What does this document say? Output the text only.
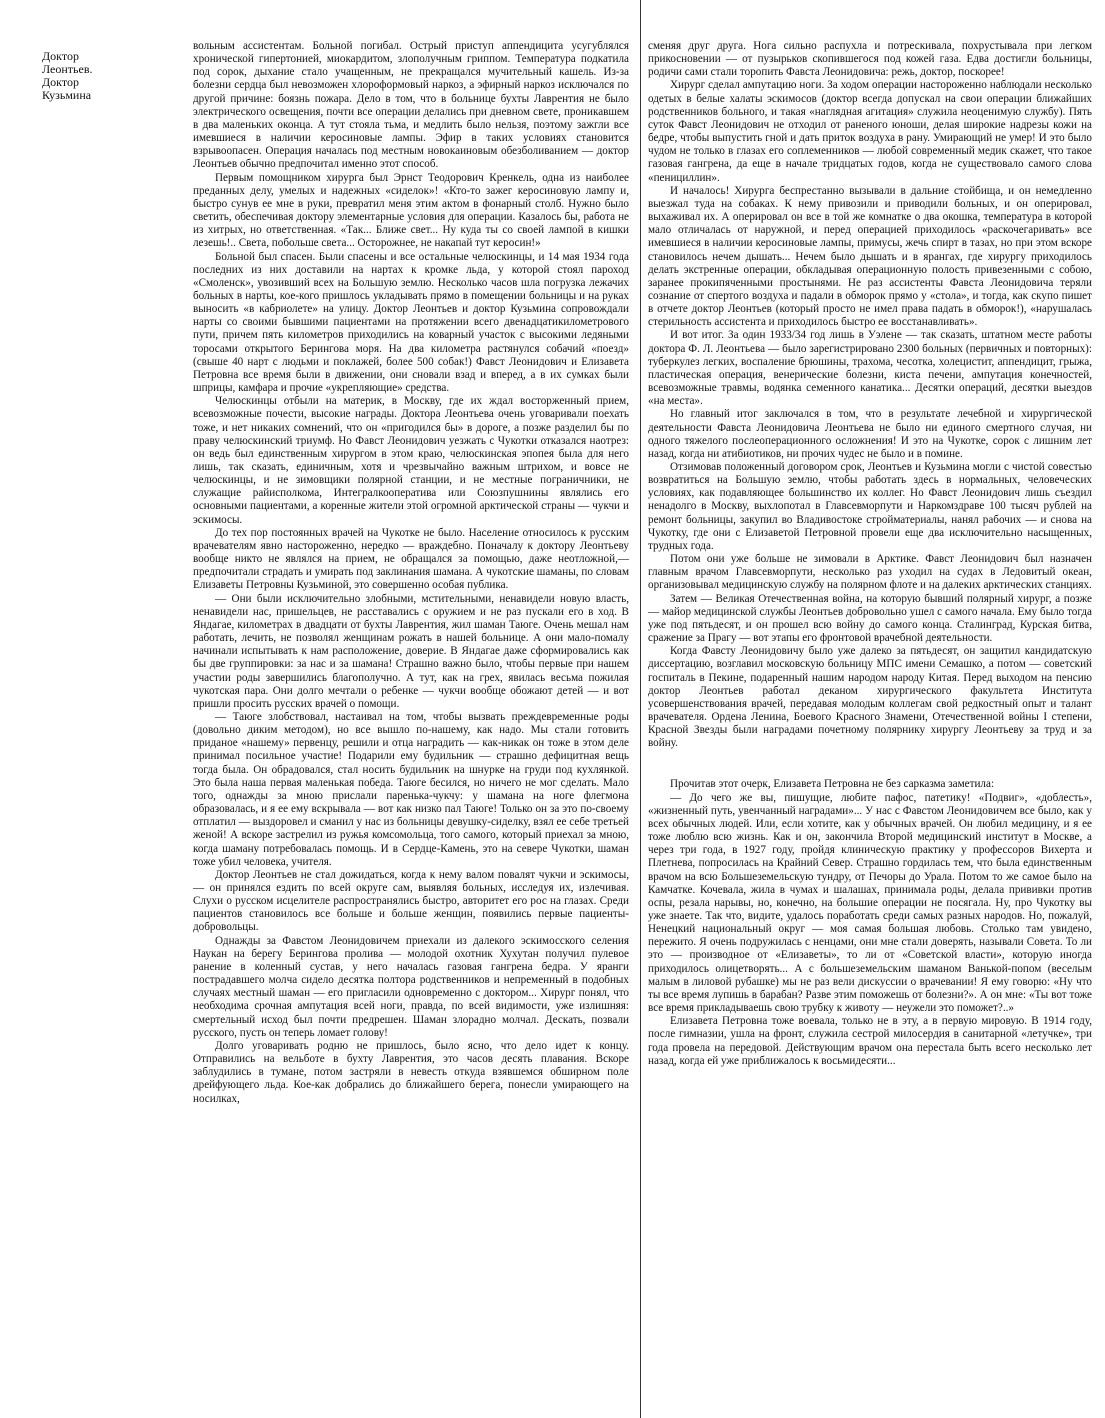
Доктор
Леонтьев.
Доктор
Кузьмина

вольным ассистентам. Больной погибал. Острый приступ аппендицита усугублялся хронической гипертонией, миокардитом, злополучным гриппом. Температура подкатила под сорок, дыхание стало учащенным, не прекращался мучительный кашель. Из-за болезни сердца был невозможен хлороформовый наркоз, а эфирный наркоз исключался по другой причине: боязнь пожара. Дело в том, что в больнице бухты Лаврентия не было электрического освещения, почти все операции делались при дневном свете, проникавшем в два маленьких оконца. А тут стояла тьма, и медлить было нельзя, поэтому зажгли все имевшиеся в наличии керосиновые лампы. Эфир в таких условиях становится взрывоопасен. Операция началась под местным новокаиновым обезболиванием — доктор Леонтьев обычно предпочитал именно этот способ.

Первым помощником хирурга был Эрнст Теодорович Кренкель, одна из наиболее преданных делу, умелых и надежных «сиделок»! «Кто-то зажег керосиновую лампу и, быстро сунув ее мне в руки, превратил меня этим актом в фонарный столб. Нужно было светить, обеспечивая доктору элементарные условия для операции. Казалось бы, работа не из хитрых, но ответственная. «Так... Ближе свет... Ну куда ты со своей лампой в кишки лезешь!.. Света, побольше света... Осторожнее, не накапай тут керосин!»

Больной был спасен. Были спасены и все остальные челюскинцы, и 14 мая 1934 года последних из них доставили на нартах к кромке льда, у которой стоял пароход «Смоленск», увозивший всех на Большую землю. Несколько часов шла погрузка лежачих больных в нарты, кое-кого пришлось укладывать прямо в помещении больницы и на руках выносить «в кабриолете» на улицу. Доктор Леонтьев и доктор Кузьмина сопровождали нарты со своими бывшими пациентами на протяжении всего двенадцатикилометрового пути, причем пять километров приходились на коварный участок с высокими ледяными торосами открытого Берингова моря. На два километра растянулся собачий «поезд» (свыше 40 нарт с людьми и поклажей, более 500 собак!) Фавст Леонидович и Елизавета Петровна все время были в движении, они сновали взад и вперед, а в их сумках были шприцы, камфара и прочие «укрепляющие» средства.

Челюскинцы отбыли на материк, в Москву, где их ждал восторженный прием, всевозможные почести, высокие награды. Доктора Леонтьева очень уговаривали поехать тоже, и нет никаких сомнений, что он «пригодился бы» в дороге, а позже разделил бы по праву челюскинский триумф. Но Фавст Леонидович уезжать с Чукотки отказался наотрез: он ведь был единственным хирургом в этом краю, челюскинская эпопея была для него лишь, так сказать, единичным, хотя и чрезвычайно важным штрихом, и вовсе не челюскинцы, и не зимовщики полярной станции, и не местные пограничники, не служащие райисполкома, Интегралкооператива или Союзпушнины являлись его основными пациентами, а коренные жители этой огромной арктической страны — чукчи и эскимосы.

До тех пор постоянных врачей на Чукотке не было. Население относилось к русским врачевателям явно настороженно, нередко — враждебно. Поначалу к доктору Леонтьеву вообще никто не являлся на прием, не обращался за помощью, даже неотложной,— предпочитали страдать и умирать под заклинания шамана. А чукотские шаманы, по словам Елизаветы Петровны Кузьминой, это совершенно особая публика.

— Они были исключительно злобными, мстительными, ненавидели новую власть, ненавидели нас, пришельцев, не расставались с оружием и не раз пускали его в ход. В Яндагае, километрах в двадцати от бухты Лаврентия, жил шаман Таюге. Очень мешал нам работать, лечить, не позволял женщинам рожать в нашей больнице. А они мало-помалу начинали испытывать к нам расположение, доверие. В Яндагае даже сформировались как бы две группировки: за нас и за шамана! Страшно важно было, чтобы первые при нашем участии роды завершились благополучно. А тут, как на грех, явилась весьма пожилая чукотская пара. Они долго мечтали о ребенке — чукчи вообще обожают детей — и вот пришли просить русских врачей о помощи.

— Таюге злобствовал, настаивал на том, чтобы вызвать преждевременные роды (довольно диким методом), но все вышло по-нашему, как надо. Мы стали готовить приданое «нашему» первенцу, решили и отца наградить — как-никак он тоже в этом деле принимал посильное участие! Подарили ему будильник — страшно дефицитная вещь тогда была. Он обрадовался, стал носить будильник на шнурке на груди под кухлянкой. Это была наша первая маленькая победа. Таюге бесился, но ничего не мог сделать. Мало того, однажды за мною прислали паренька-чукчу: у шамана на ноге флегмона образовалась, и я ее ему вскрывала — вот как низко пал Таюге! Только он за это по-своему отплатил — выздоровел и сманил у нас из больницы девушку-сиделку, взял ее себе третьей женой! А вскоре застрелил из ружья комсомольца, того самого, который приехал за мною, когда шаману потребовалась помощь. И в Сердце-Камень, это на севере Чукотки, шаман тоже убил человека, учителя.

Доктор Леонтьев не стал дожидаться, когда к нему валом повалят чукчи и эскимосы,— он принялся ездить по всей округе сам, выявляя больных, исследуя их, излечивая. Слухи о русском исцелителе распространялись быстро, авторитет его рос на глазах. Среди пациентов становилось все больше и больше женщин, появились первые пациенты-добровольцы.

Однажды за Фавстом Леонидовичем приехали из далекого эскимосского селения Наукан на берегу Берингова пролива — молодой охотник Хухутан получил пулевое ранение в коленный сустав, у него началась газовая гангрена бедра. У яранги пострадавшего молча сидело десятка полтора родственников и непременный в подобных случаях местный шаман — его пригласили одновременно с доктором... Хирург понял, что необходима срочная ампутация всей ноги, правда, по всей видимости, уже излишняя: смертельный исход был почти предрешен. Шаман злорадно молчал. Дескать, позвали русского, пусть он теперь ломает голову!

Долго уговаривать родню не пришлось, было ясно, что дело идет к концу. Отправились на вельботе в бухту Лаврентия, это часов десять плавания. Вскоре заблудились в тумане, потом застряли в невесть откуда взявшемся обширном поле дрейфующего льда. Кое-как добрались до ближайшего берега, понесли умирающего на носилках,

сменяя друг друга. Нога сильно распухла и потрескивала, похрустывала при легком прикосновении — от пузырьков скопившегося под кожей газа. Едва достигли больницы, родичи сами стали торопить Фавста Леонидовича: режь, доктор, поскорее!

Хирург сделал ампутацию ноги. За ходом операции настороженно наблюдали несколько одетых в белые халаты эскимосов (доктор всегда допускал на свои операции ближайших родственников больного, и такая «наглядная агитация» служила неоценимую службу). Пять суток Фавст Леонидович не отходил от раненого юноши, делая широкие надрезы кожи на бедре, чтобы выпустить гной и дать приток воздуха в рану. Умирающий не умер! И это было чудом не только в глазах его соплеменников — любой современный медик скажет, что такое газовая гангрена, да еще в начале тридцатых годов, когда не существовало самого слова «пенициллин».

И началось! Хирурга беспрестанно вызывали в дальние стойбища, и он немедленно выезжал туда на собаках. К нему привозили и приводили больных, и он оперировал, выхаживал их. А оперировал он все в той же комнатке о два окошка, температура в которой мало отличалась от наружной, и перед операцией приходилось «раскочегаривать» все имевшиеся в наличии керосиновые лампы, примусы, жечь спирт в тазах, но при этом вскоре становилось нечем дышать... Нечем было дышать и в ярангах, где хирургу приходилось делать экстренные операции, обкладывая операционную полость привезенными с собою, заранее прокипяченными простынями. Не раз ассистенты Фавста Леонидовича теряли сознание от спертого воздуха и падали в обморок прямо у «стола», и тогда, как скупо пишет в отчете доктор Леонтьев (который просто не имел права падать в обморок!), «нарушалась стерильность ассистента и приходилось быстро ее восстанавливать».

И вот итог. За один 1933/34 год лишь в Уэлене — так сказать, штатном месте работы доктора Ф. Л. Леонтьева — было зарегистрировано 2300 больных (первичных и повторных): туберкулез легких, воспаление брюшины, трахома, чесотка, холецистит, аппендицит, грыжа, пластическая операция, венерические болезни, киста печени, ампутация конечностей, всевозможные травмы, водянка семенного канатика... Десятки операций, десятки выездов «на места».

Но главный итог заключался в том, что в результате лечебной и хирургической деятельности Фавста Леонидовича Леонтьева не было ни единого смертного случая, ни одного тяжелого послеоперационного осложнения! И это на Чукотке, сорок с лишним лет назад, когда ни атибиотиков, ни прочих чудес не было и в помине.

Отзимовав положенный договором срок, Леонтьев и Кузьмина могли с чистой совестью возвратиться на Большую землю, чтобы работать здесь в нормальных, человеческих условиях, как подавляющее большинство их коллег. Но Фавст Леонидович лишь съездил ненадолго в Москву, выхлопотал в Главсевморпути и Наркомздраве 100 тысяч рублей на ремонт больницы, закупил во Владивостоке стройматериалы, нанял рабочих — и снова на Чукотку, где они с Елизаветой Петровной провели еще два исключительно насыщенных, трудных года.

Потом они уже больше не зимовали в Арктике. Фавст Леонидович был назначен главным врачом Главсевморпути, несколько раз уходил на судах в Ледовитый океан, организовывал медицинскую службу на полярном флоте и на далеких арктических станциях.

Затем — Великая Отечественная война, на которую бывший полярный хирург, а позже — майор медицинской службы Леонтьев добровольно ушел с самого начала. Ему было тогда уже под пятьдесят, и он прошел всю войну до самого конца. Сталинград, Курская битва, сражение за Прагу — вот этапы его фронтовой врачебной деятельности.

Когда Фавсту Леонидовичу было уже далеко за пятьдесят, он защитил кандидатскую диссертацию, возглавил московскую больницу МПС имени Семашко, а потом — советский госпиталь в Пекине, подаренный нашим народом народу Китая. Перед выходом на пенсию доктор Леонтьев работал деканом хирургического факультета Института усовершенствования врачей, передавая молодым коллегам свой редкостный опыт и талант врачевателя. Ордена Ленина, Боевого Красного Знамени, Отечественной войны I степени, Красной Звезды были наградами почетному полярнику хирургу Леонтьеву за труд и за войну.

Прочитав этот очерк, Елизавета Петровна не без сарказма заметила:

— До чего же вы, пишущие, любите пафос, патетику! «Подвиг», «доблесть», «жизненный путь, увенчанный наградами»... У нас с Фавстом Леонидовичем все было, как у всех обычных людей. Или, если хотите, как у обычных врачей. Он любил медицину, и я ее тоже люблю всю жизнь. Как и он, закончила Второй медицинский институт в Москве, а через три года, в 1927 году, пройдя клиническую практику у профессоров Вихерта и Плетнева, попросилась на Крайний Север. Страшно гордилась тем, что была единственным врачом на всю Большеземельскую тундру, от Печоры до Урала. Потом то же самое было на Камчатке. Кочевала, жила в чумах и шалашах, принимала роды, делала прививки против оспы, резала нарывы, но, конечно, на большие операции не посягала. Ну, про Чукотку вы уже знаете. Так что, видите, удалось поработать среди самых разных народов. Но, пожалуй, Ненецкий национальный округ — моя самая большая любовь. Столько там увидено, пережито. Я очень подружилась с ненцами, они мне стали доверять, называли Совета. То ли это — производное от «Елизаветы», то ли от «Советской власти», которую иногда приходилось олицетворять... А с большеземельским шаманом Ванькой-попом (веселым малым в лиловой рубашке) мы не раз вели дискуссии о врачевании! Я ему говорю: «Ну что ты все время лупишь в барабан? Разве этим поможешь от болезни?». А он мне: «Ты вот тоже все время прикладываешь свою трубку к животу — неужели это поможет?..»

Елизавета Петровна тоже воевала, только не в эту, а в первую мировую. В 1914 году, после гимназии, ушла на фронт, служила сестрой милосердия в санитарной «летучке», три года провела на передовой. Действующим врачом она перестала быть всего несколько лет назад, когда ей уже приближалось к восьмидесяти...
